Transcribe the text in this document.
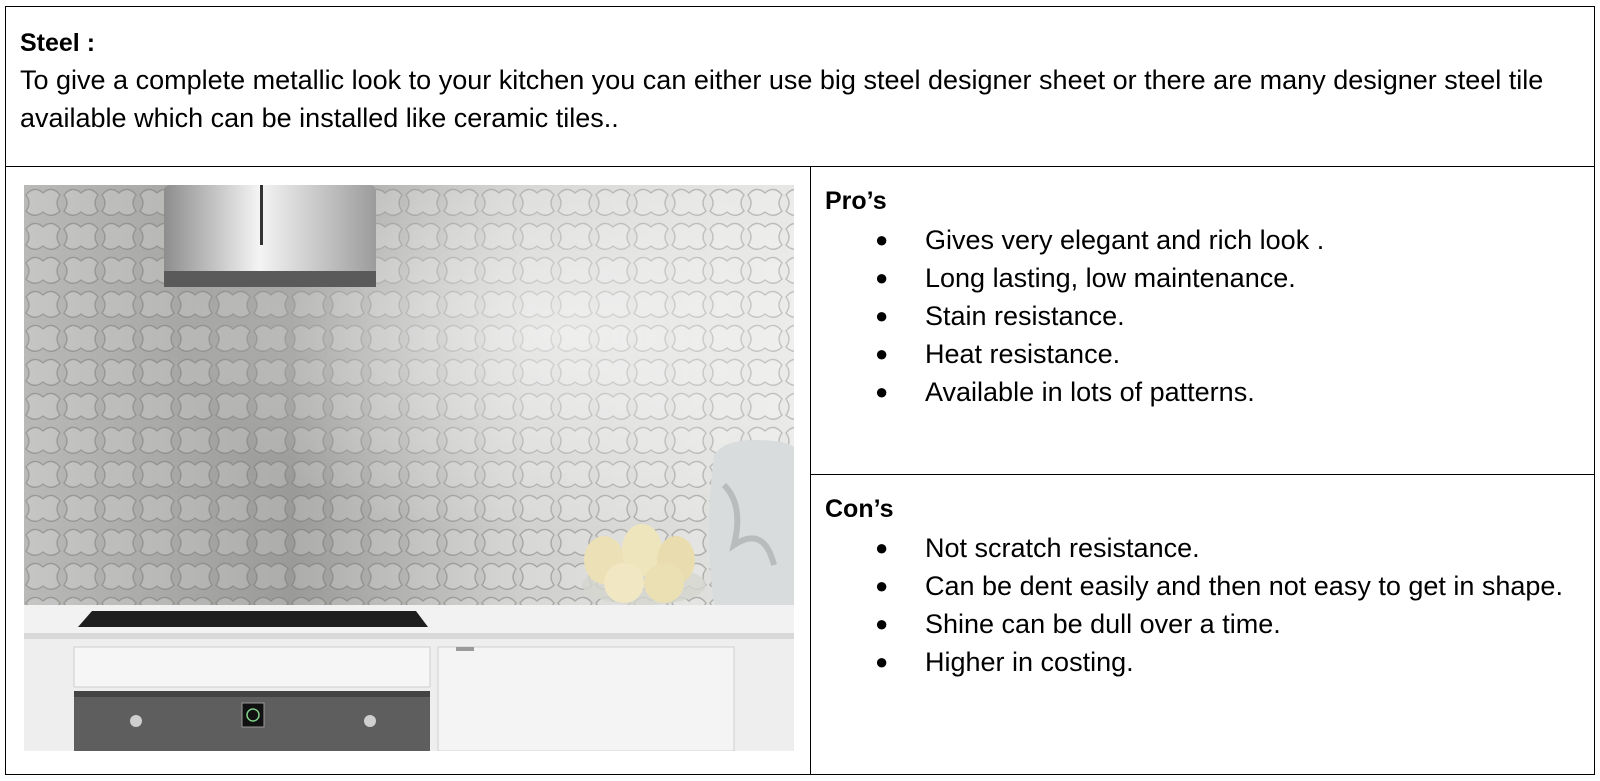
Steel :
To give a complete metallic look to your kitchen you can either use big steel designer sheet or there are many designer steel tile available which can be installed like ceramic tiles..
Pro’s
● Gives very elegant and rich look .
● Long lasting, low maintenance.
● Stain resistance.
● Heat resistance.
● Available in lots of patterns.
Con’s
● Not scratch resistance.
● Can be dent easily and then not easy to get in shape.
● Shine can be dull over a time.
● Higher in costing.
